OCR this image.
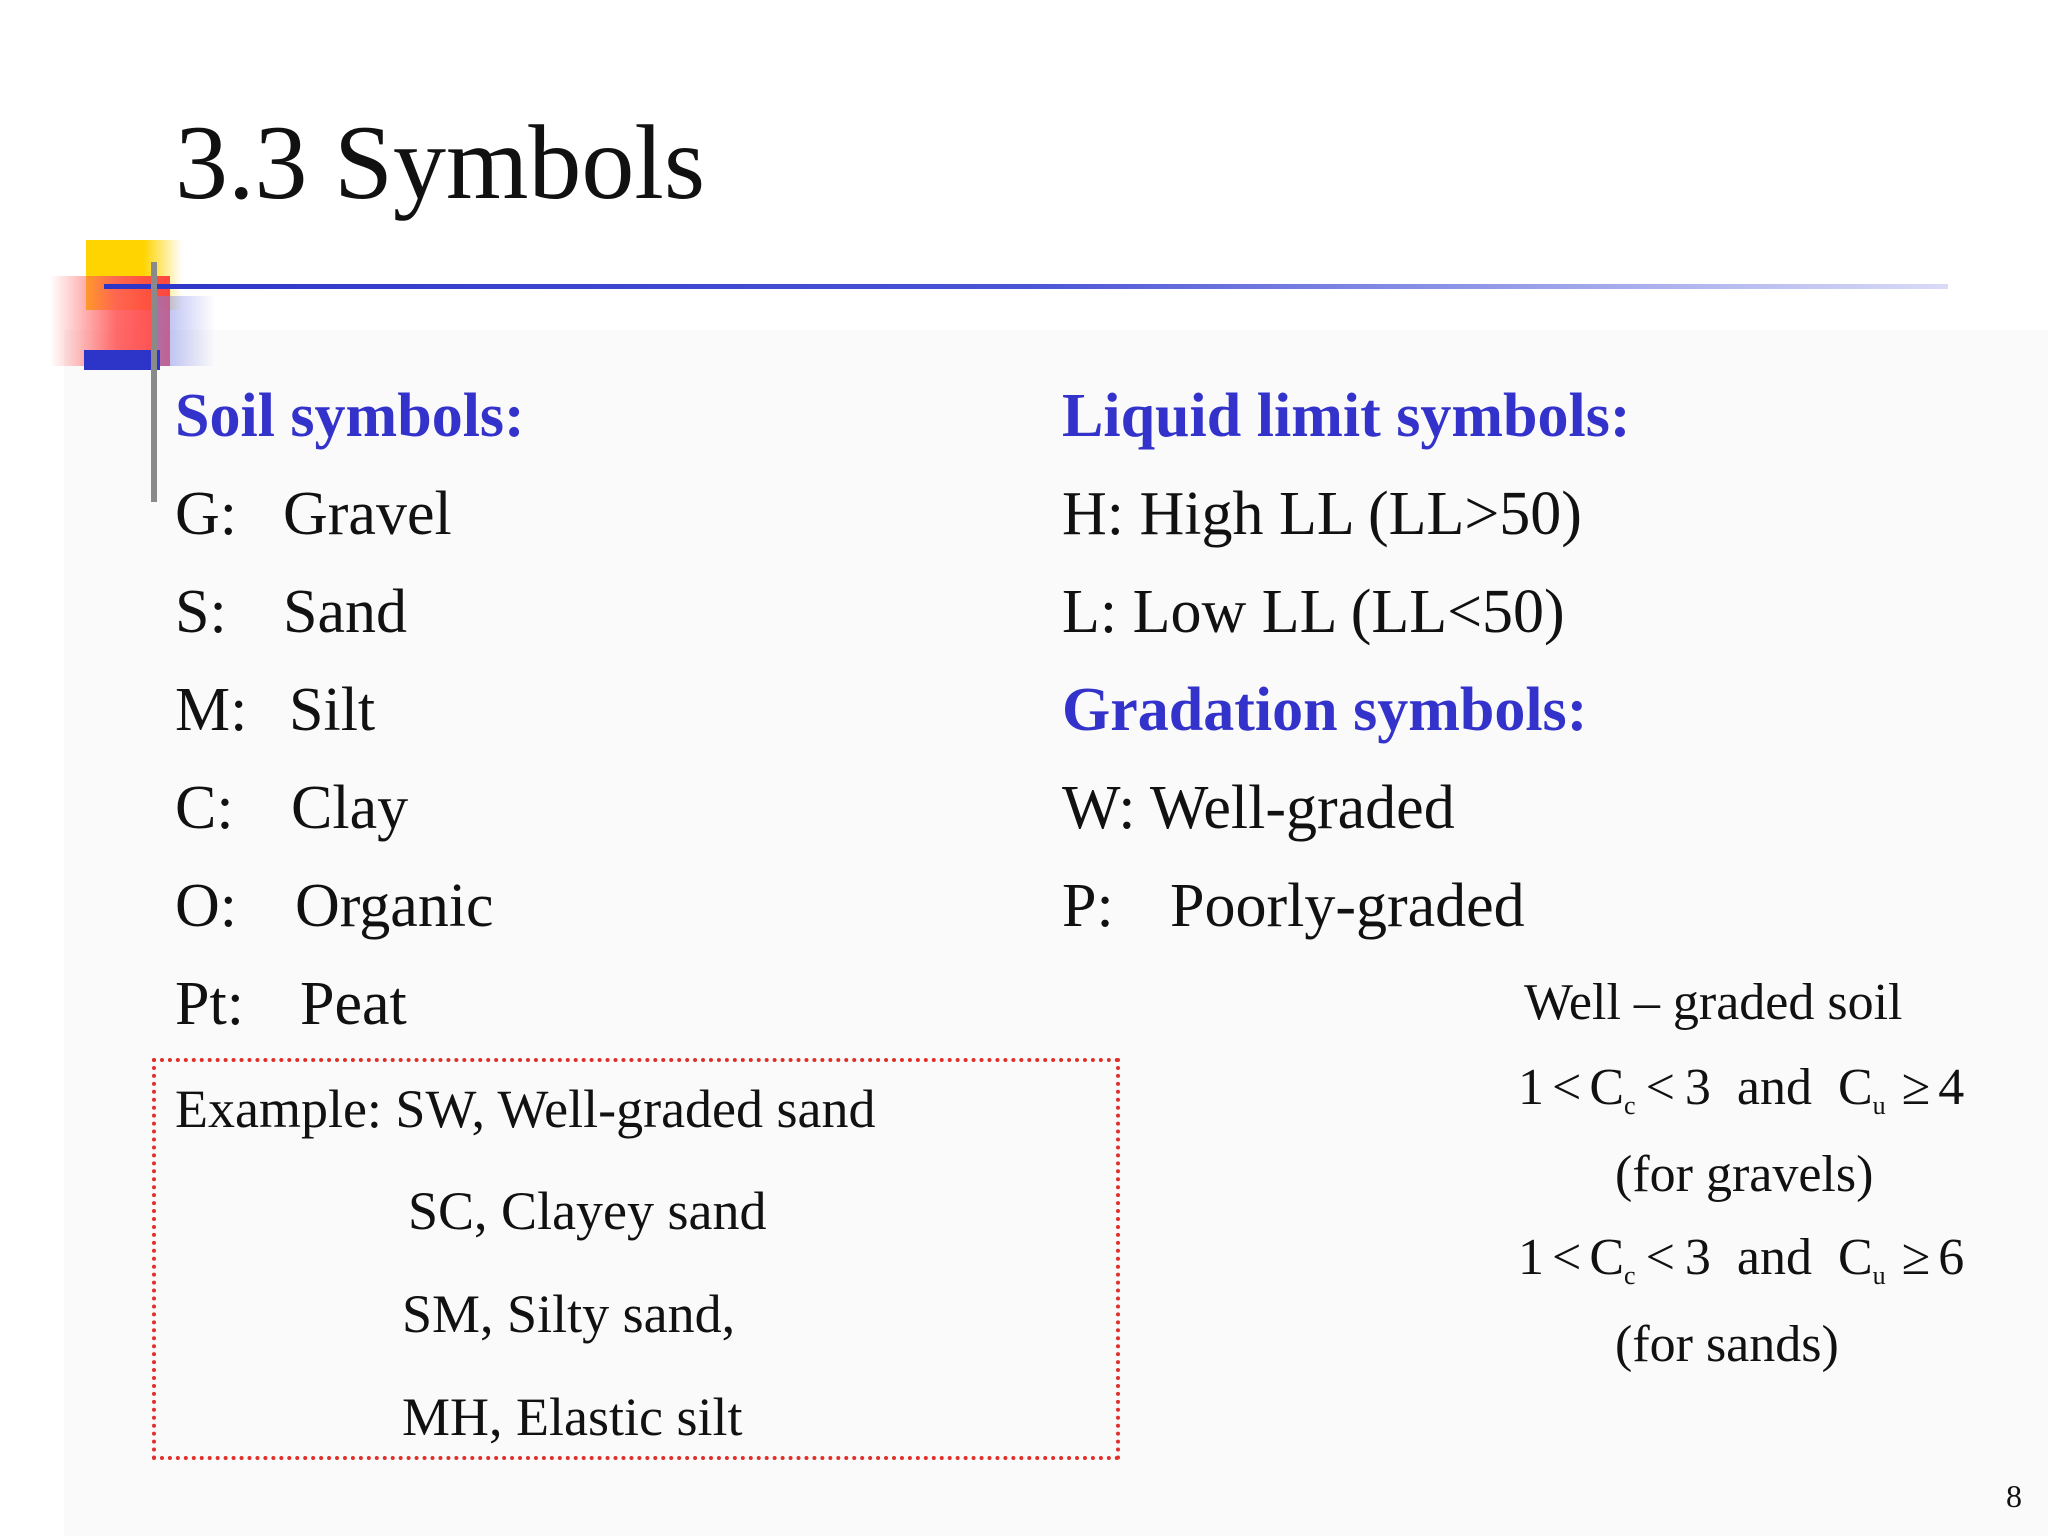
3.3 Symbols
Soil symbols:
G: Gravel
S: Sand
M: Silt
C: Clay
O: Organic
Pt: Peat
Liquid limit symbols:
H: High LL (LL>50)
L: Low LL (LL<50)
Gradation symbols:
W: Well-graded
P: Poorly-graded
Example: SW, Well-graded sand
SC, Clayey sand
SM, Silty sand,
MH, Elastic silt
Well – graded soil
$1 < C_c < 3$ and $C_u \ge 4$
(for gravels)
$1 < C_c < 3$ and $C_u \ge 6$
(for sands)
8
